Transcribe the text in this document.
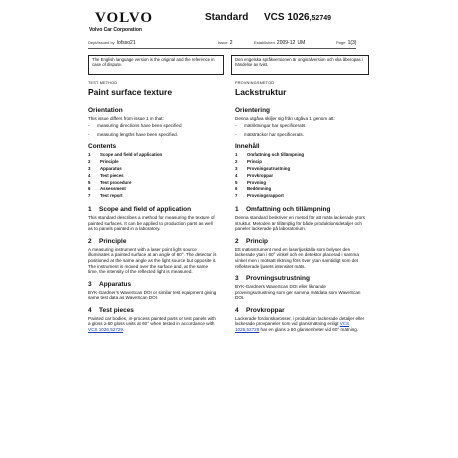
VOLVO
Volvo Car Corporation
Standard VCS 1026,52749
Dept/Issued by lofsso21	Issue 2	Established 2009-12 UM	Page 1(3)
The English language version is the original and the reference in case of dispute.
Den engelska språkversionen är originalversion och ska åberopas i händelse av tvist.

TEST METHOD

Paint surface texture
Orientation

This issue differs from issue 1 in that:

-	measuring directions have been specified
-	measuring lengths have been specified.
Contents
1	Scope and field of application
2	Principle
3	Apparatus
4	Test pieces
5	Test procedure
6	Assessment
7	Test report
1	Scope and field of application

This standard describes a method for measuring the texture of painted surfaces. It can be applied to production parts as well as to panels painted in a laboratory.

2	Principle

A measuring instrument with a laser point light source illuminates a painted surface at an angle of 60°. The detector is positioned at the same angle as the light source but opposite it. The instrument is moved over the surface and, at the same time, the intensity of the reflected light is measured.

3	Apparatus

BYK-Gardner’s WaveScan DOI or similar test equipment giving same test data as WaveScan DOI.

4	Test pieces

Painted car bodies, in-process painted parts or test panels with a gloss ≥ 60 gloss units at 60° when tested in accordance with VCS 1026,52729.

PROVNINGSMETOD

Lackstruktur
Orientering

Denna utgåva skiljer sig från utgåva 1 genom att:

-	mätriktningar har specificerats
-	mätsträckor har specificerats.
Innehåll
1	Omfattning och tillämpning
2	Princip
3	Provningsutrustning
4	Provkroppar
5	Provning
6	Bedömning
7	Provningsrapport
1	Omfattning och tillämpning

Denna standard beskriver en metod för att mäta lackerade ytors struktur. Metoden är tillämplig för både produktionsdetaljer och paneler lackerade på laboratorium.

2	Princip

Ett mätinstrument med en laserljuskälla som belyser den lackerade ytan i 60° vinkel och en detektor placerad i samma vinkel men i motsatt riktning förs över ytan samtidigt som det reflekterade ljusets intensitet mäts.

3	Provningsutrustning

BYK-Gardners WaveScan DOI eller liknande provningsutrustning som ger samma mätdata som WaveScan DOI.

4	Provkroppar

Lackerade fordonskarosser, i produktion lackerade detaljer eller lackerade provpaneler som vid glansmätning enligt VCS 1026,52729 har en glans ≥ 60 glansenheter vid 60° mätning.
